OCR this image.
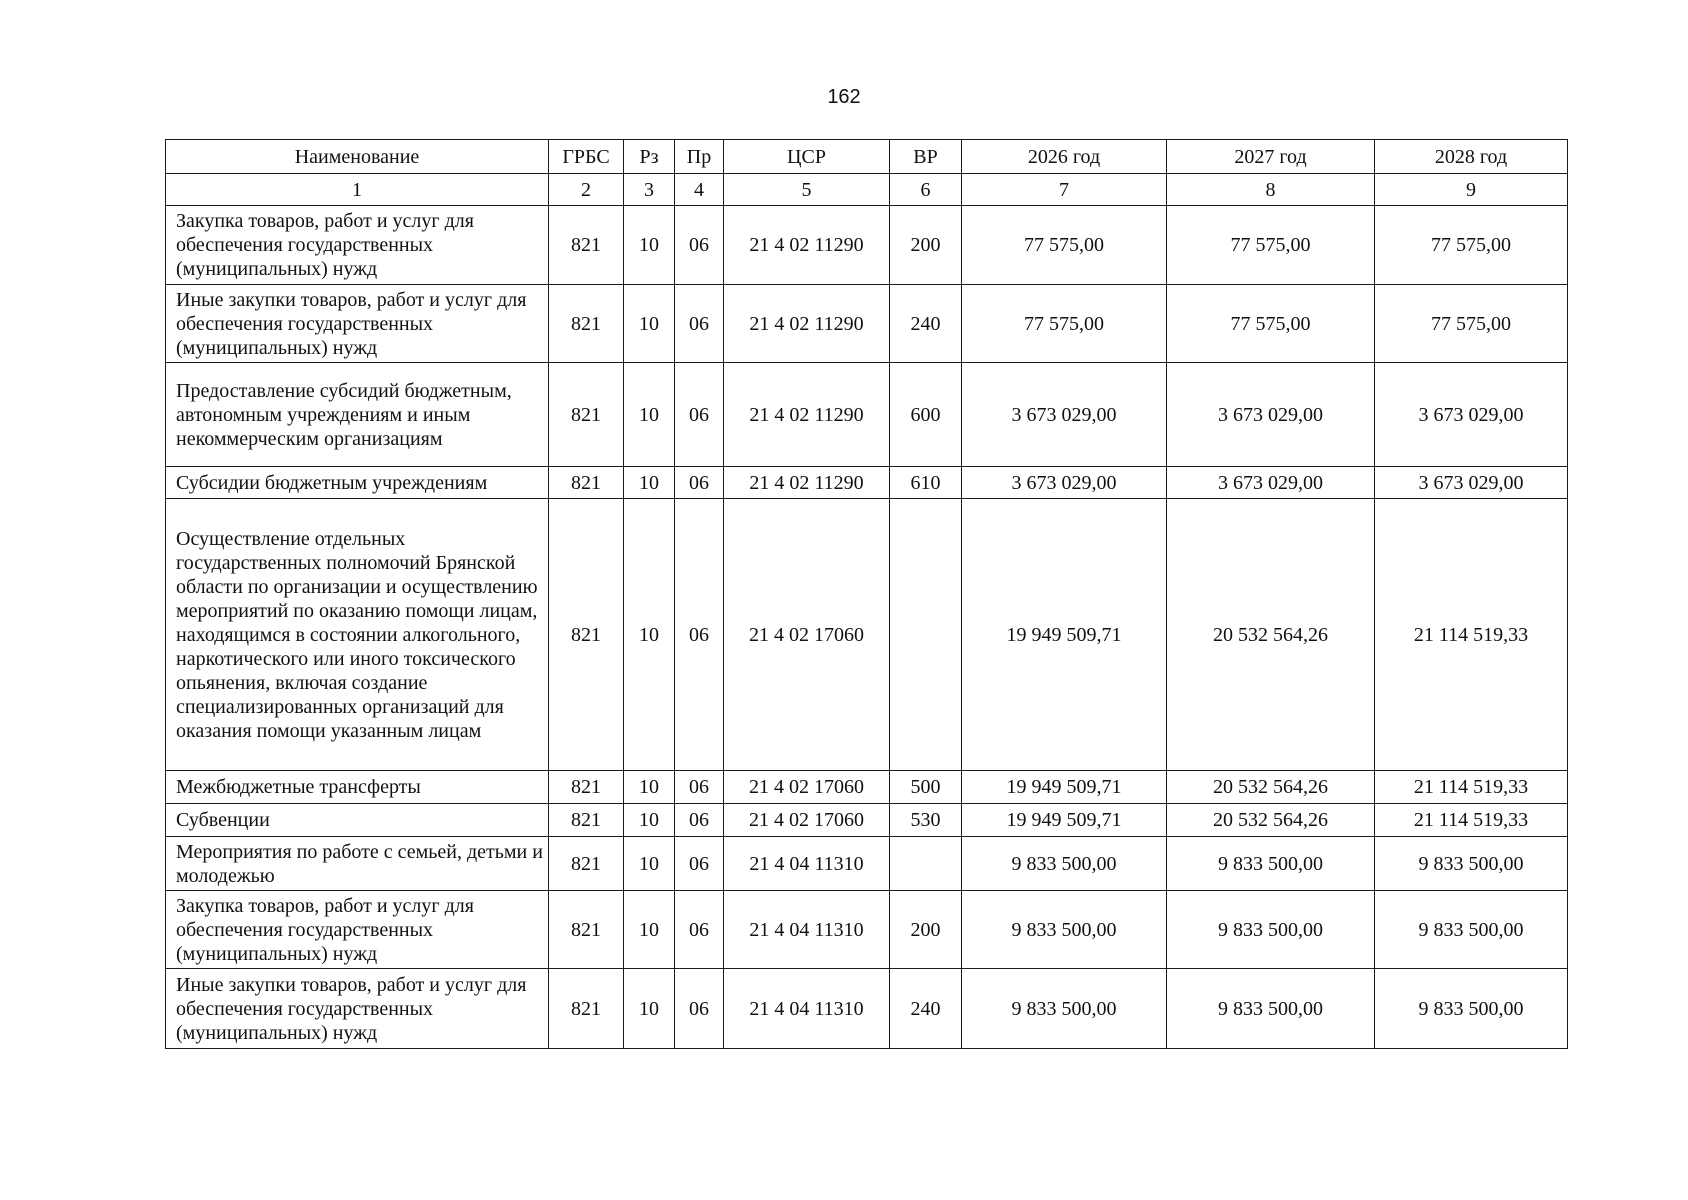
162
Наименование	ГРБС	Рз	Пр	ЦСР	ВР	2026 год	2027 год	2028 год
1	2	3	4	5	6	7	8	9
Закупка товаров, работ и услуг для обеспечения государственных (муниципальных) нужд	821	10	06	21 4 02 11290	200	77 575,00	77 575,00	77 575,00
Иные закупки товаров, работ и услуг для обеспечения государственных (муниципальных) нужд	821	10	06	21 4 02 11290	240	77 575,00	77 575,00	77 575,00
Предоставление субсидий бюджетным, автономным учреждениям и иным некоммерческим организациям	821	10	06	21 4 02 11290	600	3 673 029,00	3 673 029,00	3 673 029,00
Субсидии бюджетным учреждениям	821	10	06	21 4 02 11290	610	3 673 029,00	3 673 029,00	3 673 029,00
Осуществление отдельных государственных полномочий Брянской области по организации и осуществлению мероприятий по оказанию помощи лицам, находящимся в состоянии алкогольного, наркотического или иного токсического опьянения, включая создание специализированных организаций для оказания помощи указанным лицам	821	10	06	21 4 02 17060		19 949 509,71	20 532 564,26	21 114 519,33
Межбюджетные трансферты	821	10	06	21 4 02 17060	500	19 949 509,71	20 532 564,26	21 114 519,33
Субвенции	821	10	06	21 4 02 17060	530	19 949 509,71	20 532 564,26	21 114 519,33
Мероприятия по работе с семьей, детьми и молодежью	821	10	06	21 4 04 11310		9 833 500,00	9 833 500,00	9 833 500,00
Закупка товаров, работ и услуг для обеспечения государственных (муниципальных) нужд	821	10	06	21 4 04 11310	200	9 833 500,00	9 833 500,00	9 833 500,00
Иные закупки товаров, работ и услуг для обеспечения государственных (муниципальных) нужд	821	10	06	21 4 04 11310	240	9 833 500,00	9 833 500,00	9 833 500,00
